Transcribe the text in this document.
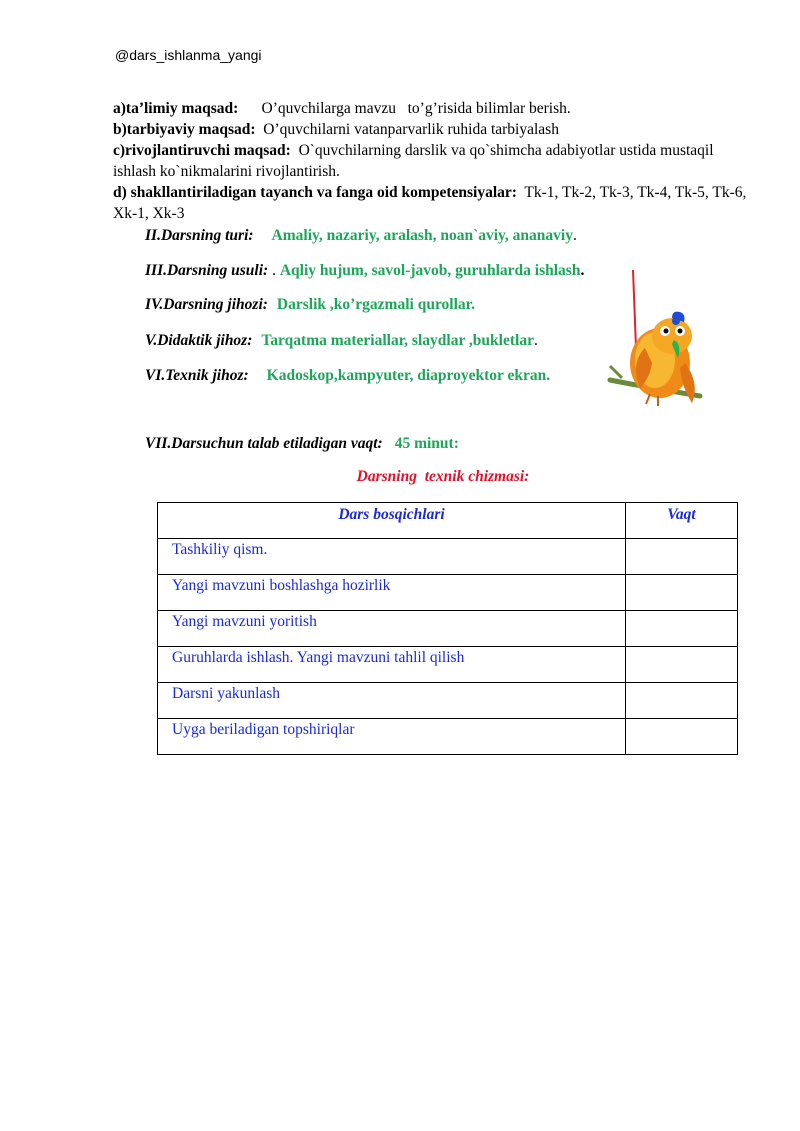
@dars_ishlanma_yangi
a)ta’limiy maqsad:      O’quvchilarga mavzu   to’g’risida bilimlar berish.
b)tarbiyaviy maqsad:  O’quvchilarni vatanparvarlik ruhida tarbiyalash
c)rivojlantiruvchi maqsad:  O`quvchilarning darslik va qo`shimcha adabiyotlar ustida mustaqil ishlash ko`nikmalarini rivojlantirish.
d) shakllantiriladigan tayanch va fanga oid kompetensiyalar:  Tk-1, Tk-2, Tk-3, Tk-4, Tk-5, Tk-6, Xk-1, Xk-3
II.Darsning turi: Amaliy, nazariy, aralash, noan`aviy, ananaviy.
III.Darsning usuli: . Aqliy hujum, savol-javob, guruhlarda ishlash.
IV.Darsning jihozi: Darslik ,ko’rgazmali qurollar.
V.Didaktik jihoz: Tarqatma materiallar, slaydlar ,bukletlar.
VI.Texnik jihoz: Kadoskop,kampyuter, diaproyektor ekran.
VII.Darsuchun talab etiladigan vaqt: 45 minut:
Darsning  texnik chizmasi:
Dars bosqichlari	Vaqt
Tashkiliy qism.	
Yangi mavzuni boshlashga hozirlik	
Yangi mavzuni yoritish	
Guruhlarda ishlash. Yangi mavzuni tahlil qilish	
Darsni yakunlash	
Uyga beriladigan topshiriqlar	
